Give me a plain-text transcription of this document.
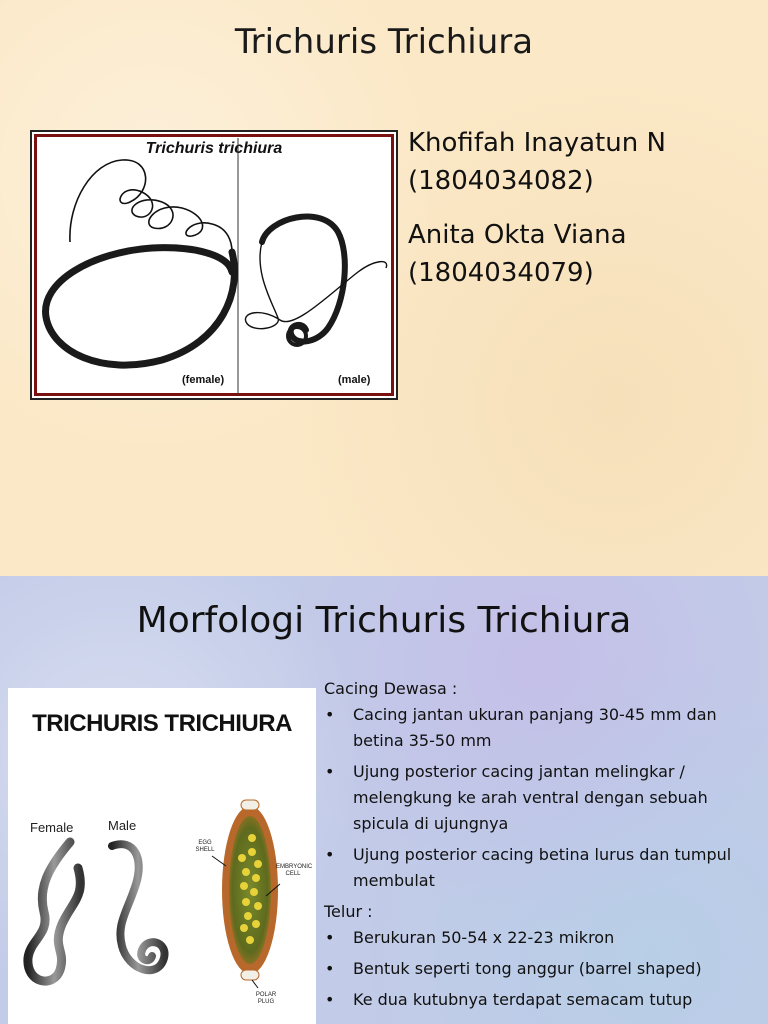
Trichuris Trichiura
Trichuris trichiura
(female)	(male)

Khofifah Inayatun N
(1804034082)

Anita Okta Viana
(1804034079)

Morfologi Trichuris Trichiura
TRICHURIS TRICHIURA
Female	Male
EGG SHELL
EMBRYONIC CELL
POLAR PLUG

Cacing Dewasa :

• Cacing jantan ukuran panjang 30-45 mm dan betina 35-50 mm
• Ujung posterior cacing jantan melingkar / melengkung ke arah ventral dengan sebuah spicula di ujungnya
• Ujung posterior cacing betina lurus dan tumpul membulat

Telur :

• Berukuran 50-54 x 22-23 mikron
• Bentuk seperti tong anggur (barrel shaped)
• Ke dua kutubnya terdapat semacam tutup
